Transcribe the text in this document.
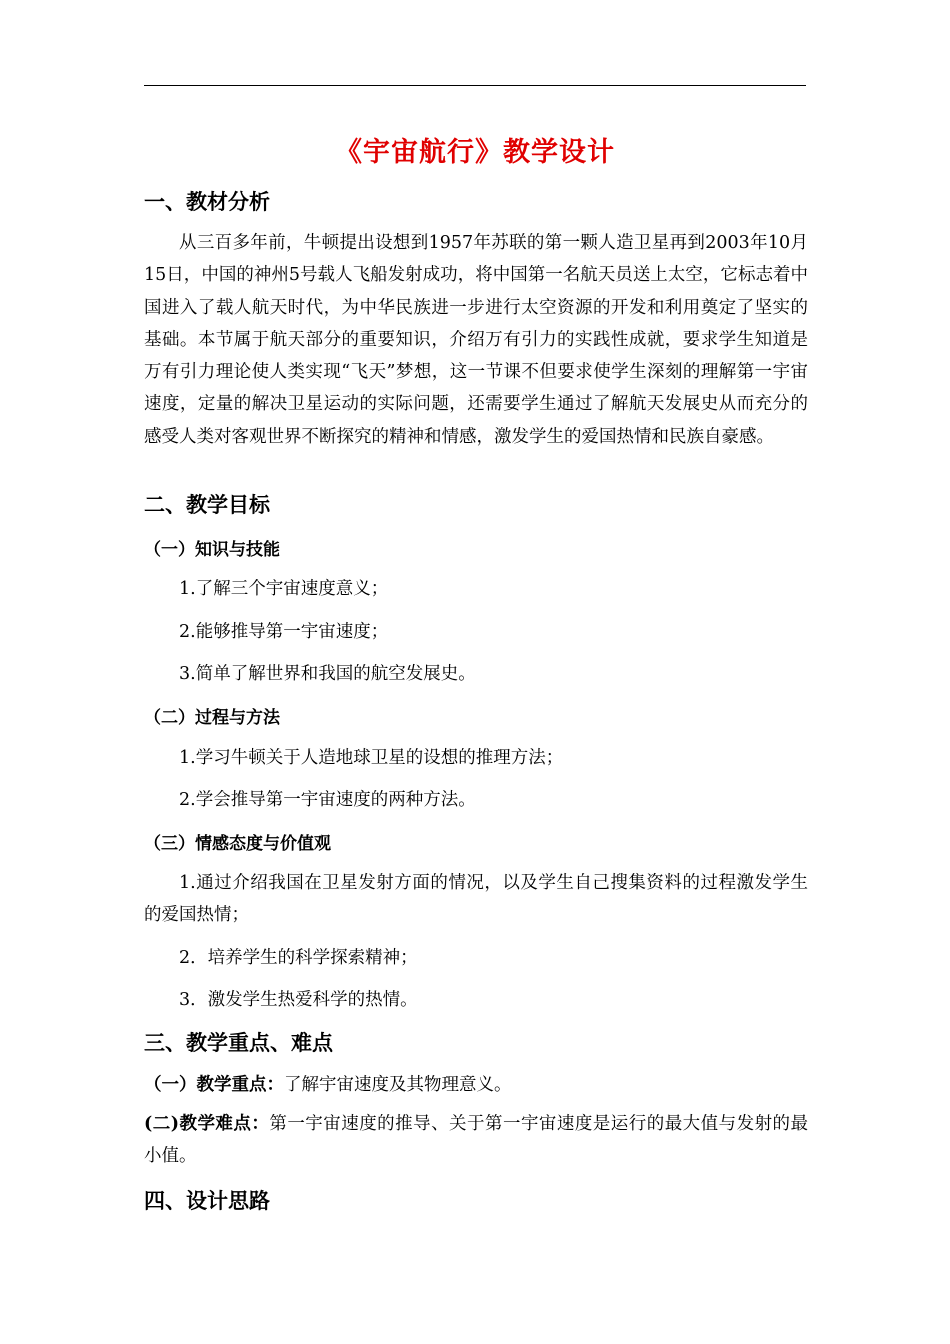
《宇宙航行》教学设计
一、教材分析

从三百多年前，牛顿提出设想到1957年苏联的第一颗人造卫星再到2003年10月15日，中国的神州5号载人飞船发射成功，将中国第一名航天员送上太空，它标志着中国进入了载人航天时代，为中华民族进一步进行太空资源的开发和利用奠定了坚实的基础。本节属于航天部分的重要知识，介绍万有引力的实践性成就，要求学生知道是万有引力理论使人类实现“飞天”梦想，这一节课不但要求使学生深刻的理解第一宇宙速度，定量的解决卫星运动的实际问题，还需要学生通过了解航天发展史从而充分的感受人类对客观世界不断探究的精神和情感，激发学生的爱国热情和民族自豪感。

二、教学目标
（一）知识与技能
1.了解三个宇宙速度意义；
2.能够推导第一宇宙速度；
3.简单了解世界和我国的航空发展史。
（二）过程与方法
1.学习牛顿关于人造地球卫星的设想的推理方法；
2.学会推导第一宇宙速度的两种方法。
（三）情感态度与价值观

1.通过介绍我国在卫星发射方面的情况，以及学生自己搜集资料的过程激发学生的爱国热情；

2．培养学生的科学探索精神；
3．激发学生热爱科学的热情。
三、教学重点、难点
（一）教学重点：了解宇宙速度及其物理意义。

(二)教学难点：第一宇宙速度的推导、关于第一宇宙速度是运行的最大值与发射的最小值。

四、设计思路
